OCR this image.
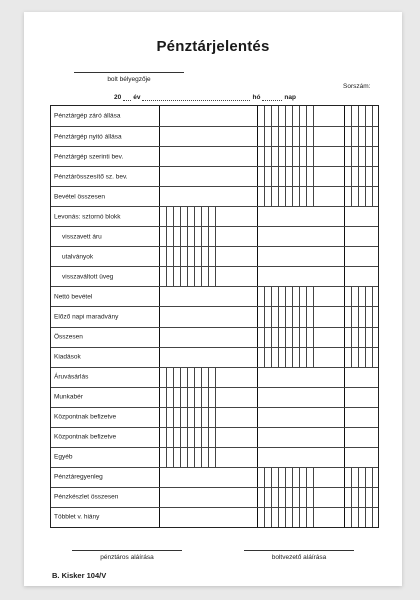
Pénztárjelentés
bolt bélyegzője
Sorszám:
20 év	hó	nap
Pénztárgép záró állása
Pénztárgép nyitó állása
Pénztárgép szerinti bev.
Pénztárösszesítő sz. bev.
Bevétel összesen
Levonás: sztornó blokk
visszavett áru
utalványok
visszaváltott üveg
Nettó bevétel
Előző napi maradvány
Összesen
Kiadások
Áruvásárlás
Munkabér
Központnak befizetve
Központnak befizetve
Egyéb
Pénztáregyenleg
Pénzkészlet összesen
Többlet v. hiány
pénztáros aláírása	boltvezető aláírása
B. Kisker 104/V
